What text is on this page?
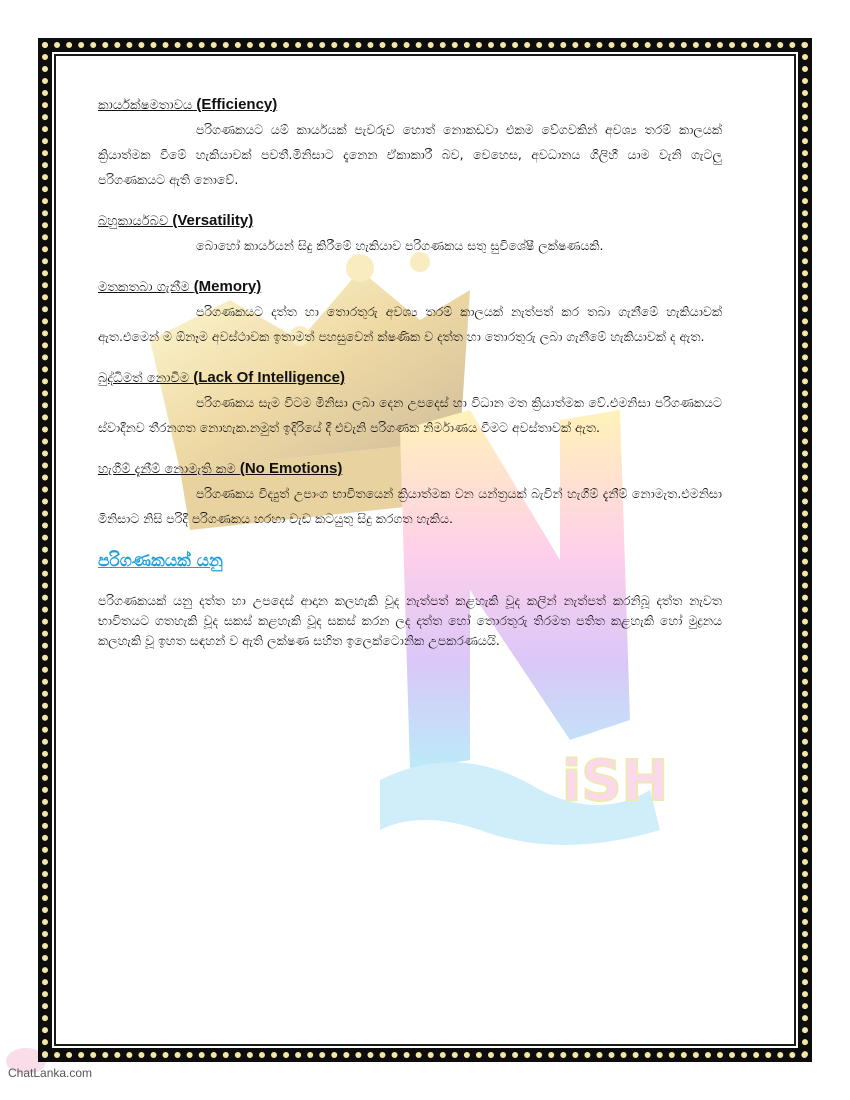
iSH
කාර්යක්ෂමතාවය (Efficiency)

පරිගණකයට යම් කාර්යයක් පැවරුව හොත් නොකඩවා එකම වේගවකින් අවශ්‍ය තරම් කාලයක් ක්‍රියාත්මක වීමේ හැකියාවක් පවතී.මිනිසාට දැනෙන ඒකාකාරී බව, වෙහෙස, අවධානය ගිලිහී යාම වැනි ගැටලු පරිගණකයට ඇති නොවේ.

බහුකාර්යබව (Versatility)

බොහෝ කාර්යයන් සිදු කිරීමේ හැකියාව පරිගණකය සතු සුවිශේෂී ලක්ෂණයකි.

මතකතබා ගැනීම (Memory)

පරිගණකයට දත්ත හා තොරතුරු අවශ්‍ය තරම් කාලයක් නැත්පත් කර තබා ගැනීමේ හැකියාවක් ඇත.එමෙන් ම ඕනෑම අවස්ථාවක ඉතාමත් පහසුවෙන් ක්ෂණික ව දත්ත හා තොරතුරු ලබා ගැනීමේ හැකියාවක් ද ඇත.

බුද්ධිමත් නොවීම (Lack Of Intelligence)

පරිගණකය සැම විටම මිනිසා ලබා දෙන උපදෙස් හා විධාන මත ක්‍රියාත්මක වේ.එමනිසා පරිගණකයට ස්වාදීනව තීරනගත නොහැක.නමුත් ඉදිරියේ දී එවැනි පරිගණක නිර්මාණය වීමට අවස්තාවක් ඇත.

හැගීම් දැනීම් නොමැති කම (No Emotions)

පරිගණකය විද්‍යුත් උපාංග භාවිතයෙන් ක්‍රියාත්මක වන යන්ත්‍රයක් බැවින් හැගීම් දැනීම් නොමැත.එමනිසා මිනිසාට නිසි පරිදී පරිගණකය හරහා වැඩ කටයුතු සිදු කරගත හැකිය.

පරිගණකයක් යනු

පරිගණකයක් යනු දත්ත හා උපදෙස් ආදාන කලහැකි වූද නැත්පත් කළහැකි වූද කලින් නැත්පත් කරනිබූ දත්ත නැවත භාවිතයට ගතහැකි වූද සකස් කළහැකි වූද සකස් කරන ලද දත්ත හෝ තොරතුරු තිරමත පතිත කළහැකි හෝ මුද්‍රනය කලහැකි වූ ඉහත සඳහන් ව ඇති ලක්ෂණ සහිත ඉලෙක්ටොනික උපකරණයයි.

ChatLanka.com
